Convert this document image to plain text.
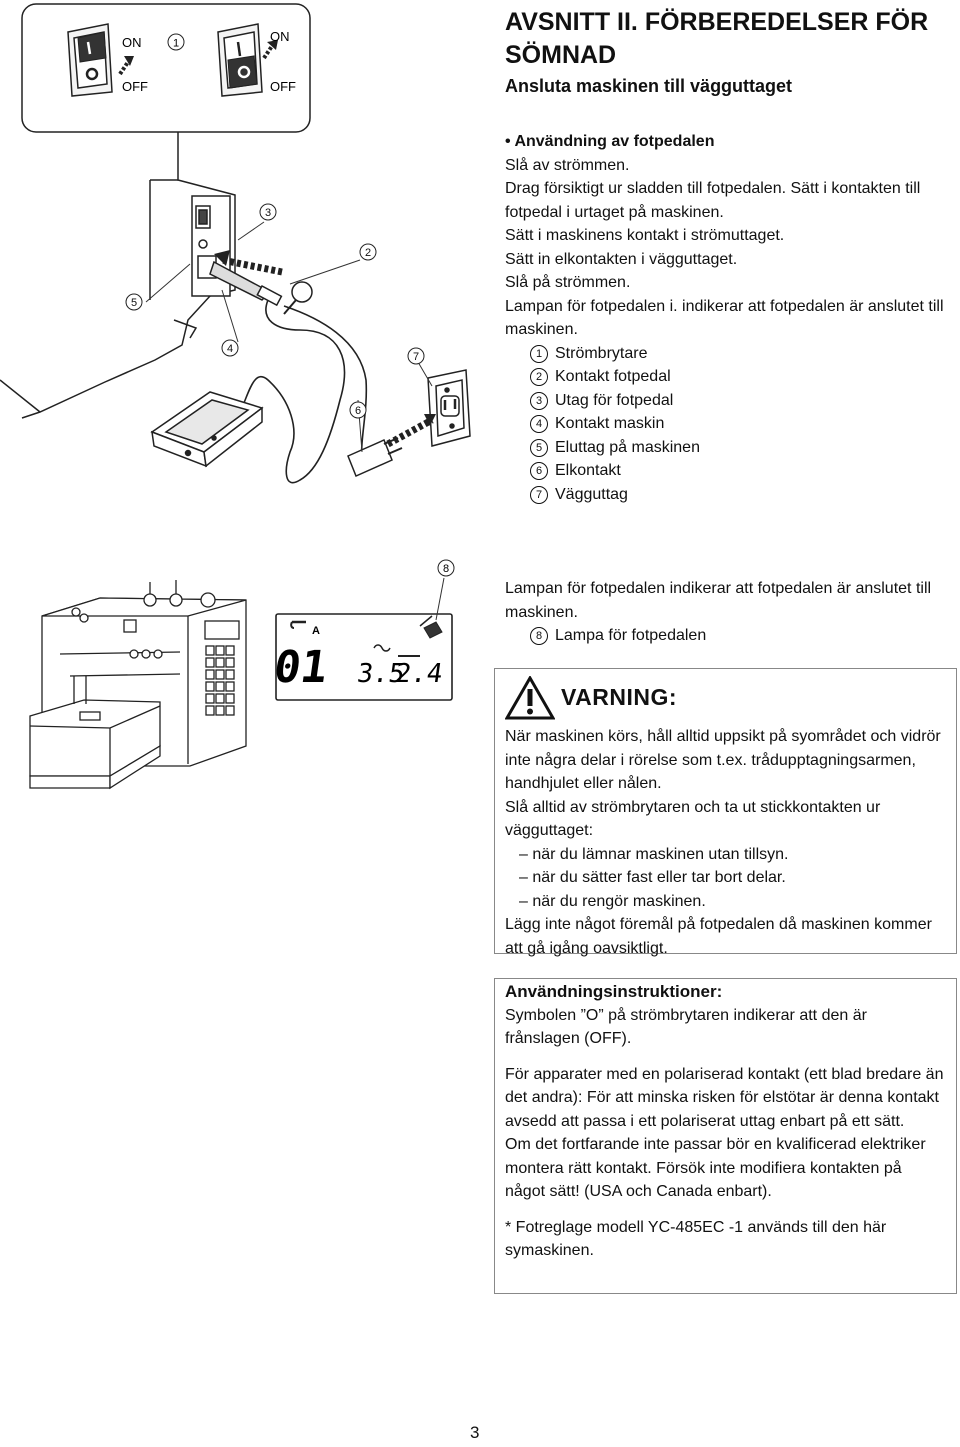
ON
OFF
1	ON
OFF
2
3
4
5
6
7
AVSNITT II. FÖRBEREDELSER FÖR SÖMNAD
Ansluta maskinen till vägguttaget

• Användning av fotpedalen

Slå av strömmen.

Drag försiktigt ur sladden till fotpedalen. Sätt i kontakten till fotpedal i urtaget på maskinen.

Sätt i maskinens kontakt i strömuttaget.

Sätt in elkontakten i vägguttaget.

Slå på strömmen.

Lampan för fotpedalen i. indikerar att fotpedalen är anslutet till maskinen.

1 Strömbrytare
2 Kontakt fotpedal
3 Utag för fotpedal
4 Kontakt maskin
5 Eluttag på maskinen
6 Elkontakt
7 Vägguttag
A
01 3.5
2.4
8

Lampan för fotpedalen indikerar att fotpedalen är anslutet till maskinen.

8 Lampa för fotpedalen
VARNING:

När maskinen körs, håll alltid uppsikt på syområdet och vidrör inte några delar i rörelse som t.ex. trådupptagningsarmen, handhjulet eller nålen.

Slå alltid av strömbrytaren och ta ut stickkontakten ur vägguttaget:

– när du lämnar maskinen utan tillsyn.

– när du sätter fast eller tar bort delar.

– när du rengör maskinen.

Lägg inte något föremål på fotpedalen då maskinen kommer att gå igång oavsiktligt.

Användningsinstruktioner:

Symbolen ”O” på strömbrytaren indikerar att den är frånslagen (OFF).

För apparater med en polariserad kontakt (ett blad bredare än det andra): För att minska risken för elstötar är denna kontakt avsedd att passa i ett polariserat uttag enbart på ett sätt.

Om det fortfarande inte passar bör en kvalificerad elektriker montera rätt kontakt. Försök inte modifiera kontakten på något sätt! (USA och Canada enbart).

* Fotreglage modell YC-485EC -1 används till den här symaskinen.

3
